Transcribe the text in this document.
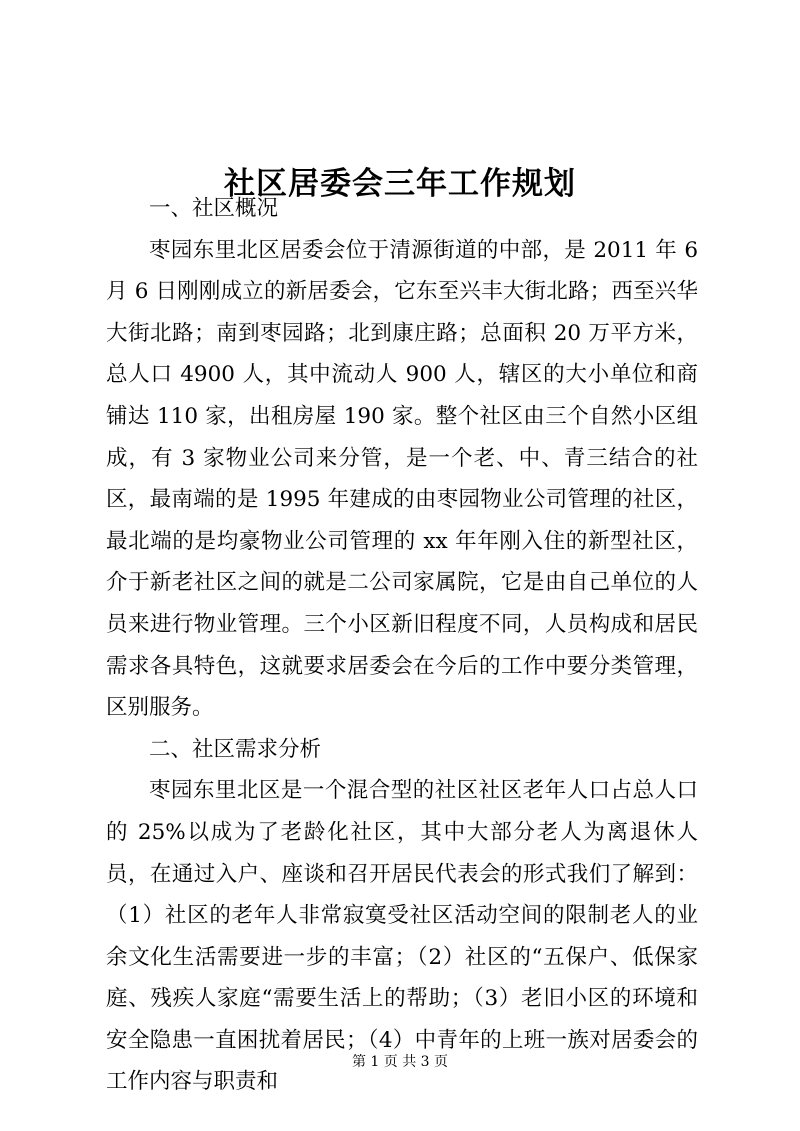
社区居委会三年工作规划

一、社区概况

枣园东里北区居委会位于清源街道的中部，是 2011 年 6 月 6 日刚刚成立的新居委会，它东至兴丰大街北路；西至兴华大街北路；南到枣园路；北到康庄路；总面积 20 万平方米，总人口 4900 人，其中流动人 900 人，辖区的大小单位和商铺达 110 家，出租房屋 190 家。整个社区由三个自然小区组成，有 3 家物业公司来分管，是一个老、中、青三结合的社区，最南端的是 1995 年建成的由枣园物业公司管理的社区，最北端的是均豪物业公司管理的 xx 年年刚入住的新型社区，介于新老社区之间的就是二公司家属院，它是由自己单位的人员来进行物业管理。三个小区新旧程度不同，人员构成和居民需求各具特色，这就要求居委会在今后的工作中要分类管理，区别服务。

二、社区需求分析

枣园东里北区是一个混合型的社区社区老年人口占总人口的 25%以成为了老龄化社区，其中大部分老人为离退休人员，在通过入户、座谈和召开居民代表会的形式我们了解到：（1）社区的老年人非常寂寞受社区活动空间的限制老人的业余文化生活需要进一步的丰富；（2）社区的“五保户、低保家庭、残疾人家庭“需要生活上的帮助；（3）老旧小区的环境和安全隐患一直困扰着居民；（4）中青年的上班一族对居委会的工作内容与职责和

第 1 页 共 3 页
